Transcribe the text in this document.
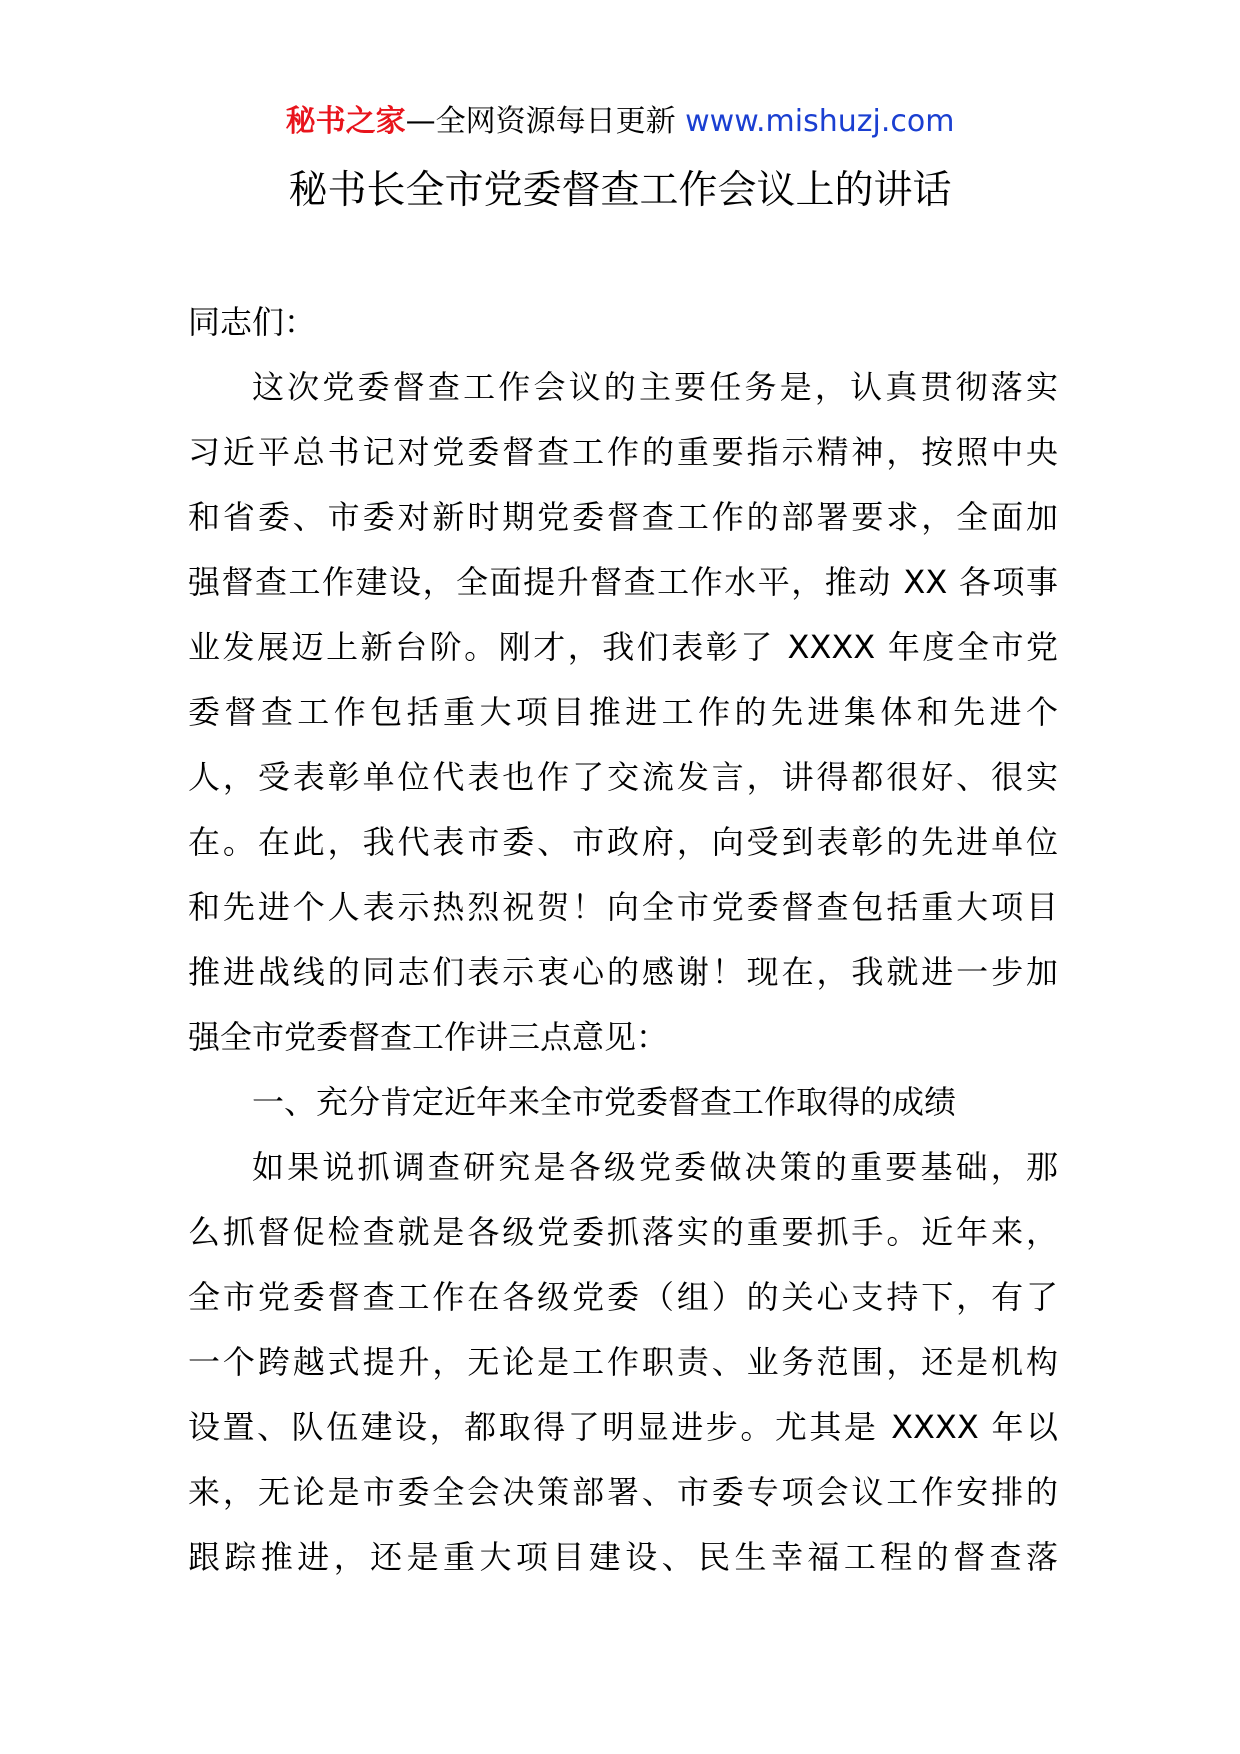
秘书之家—全网资源每日更新 www.mishuzj.com
秘书长全市党委督查工作会议上的讲话
同志们：
这次党委督查工作会议的主要任务是，认真贯彻落实
习近平总书记对党委督查工作的重要指示精神，按照中央
和省委、市委对新时期党委督查工作的部署要求，全面加
强督查工作建设，全面提升督查工作水平，推动 XX 各项事
业发展迈上新台阶。刚才，我们表彰了 XXXX 年度全市党
委督查工作包括重大项目推进工作的先进集体和先进个
人，受表彰单位代表也作了交流发言，讲得都很好、很实
在。在此，我代表市委、市政府，向受到表彰的先进单位
和先进个人表示热烈祝贺！向全市党委督查包括重大项目
推进战线的同志们表示衷心的感谢！现在，我就进一步加
强全市党委督查工作讲三点意见：
一、充分肯定近年来全市党委督查工作取得的成绩
如果说抓调查研究是各级党委做决策的重要基础，那
么抓督促检查就是各级党委抓落实的重要抓手。近年来，
全市党委督查工作在各级党委（组）的关心支持下，有了
一个跨越式提升，无论是工作职责、业务范围，还是机构
设置、队伍建设，都取得了明显进步。尤其是 XXXX 年以
来，无论是市委全会决策部署、市委专项会议工作安排的
跟踪推进，还是重大项目建设、民生幸福工程的督查落
